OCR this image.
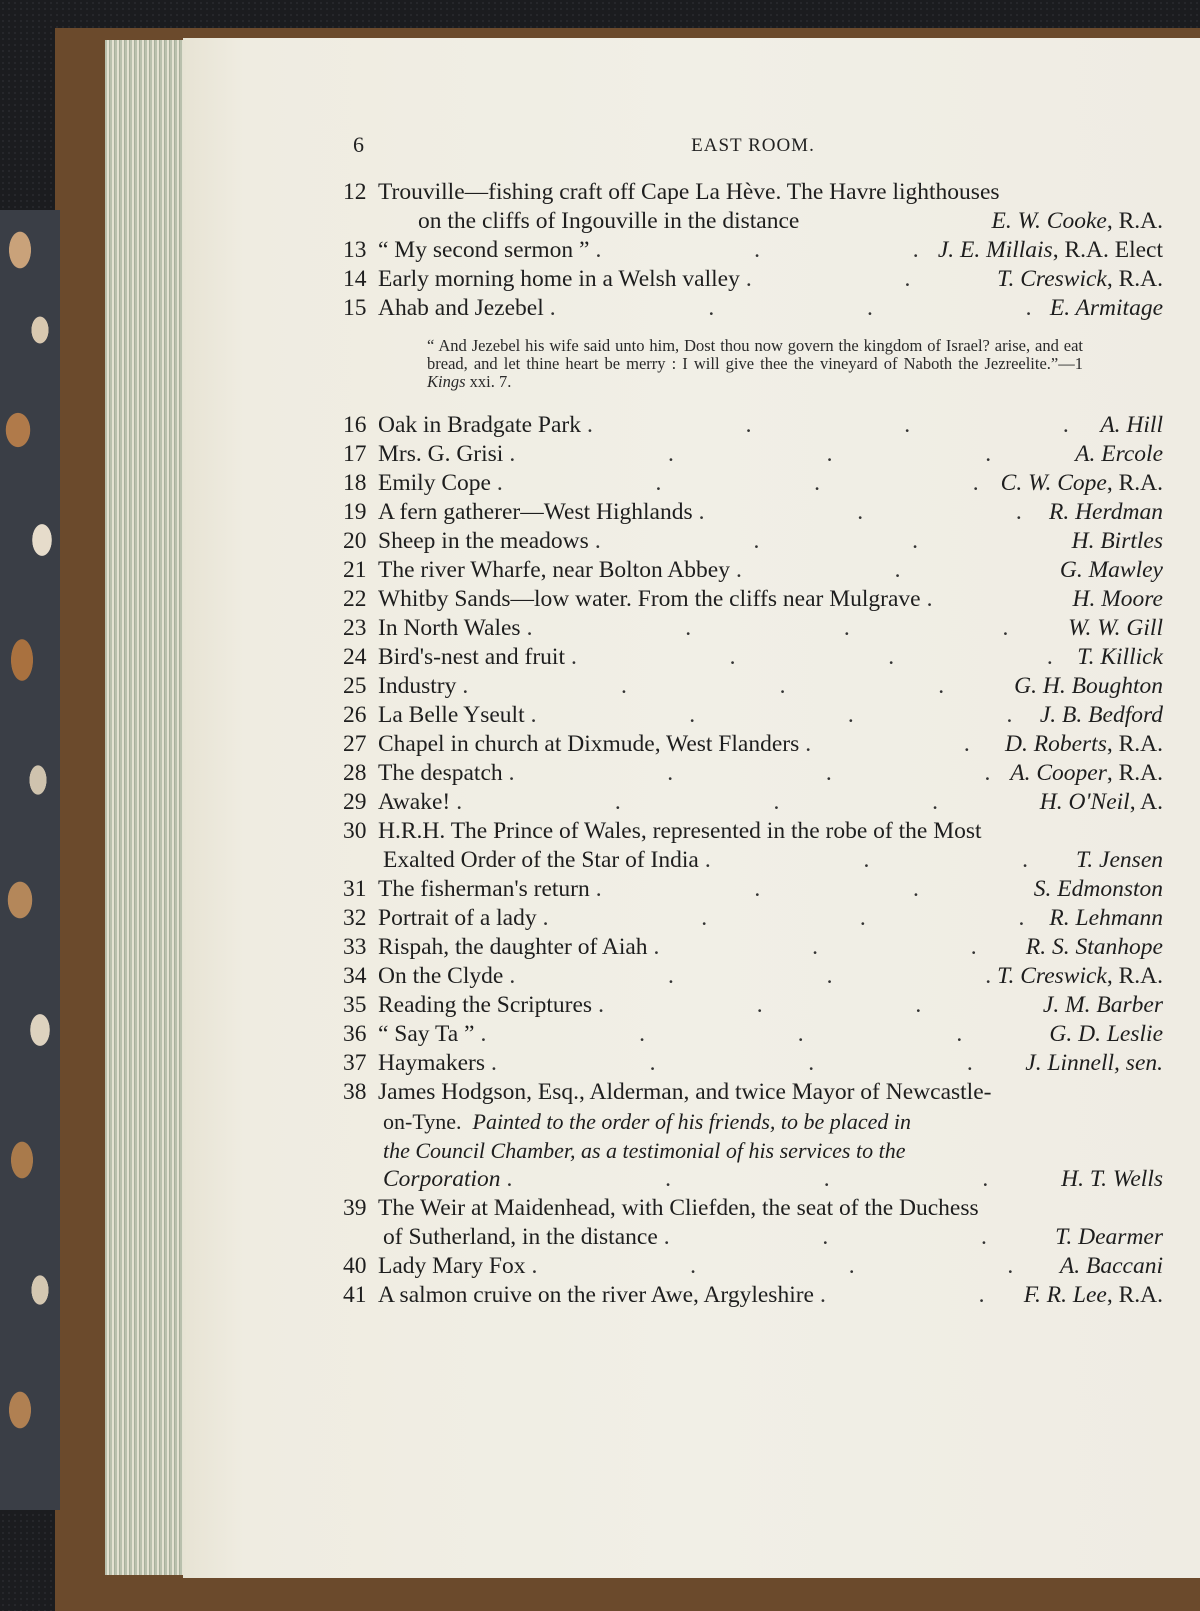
6	EAST ROOM.
12 Trouville—fishing craft off Cape La Hève. The Havre lighthouses
on the cliffs of Ingouville in the distance	E. W. Cooke, R.A.
13 “ My second sermon ” .	J. E. Millais, R.A. Elect
14 Early morning home in a Welsh valley .	T. Creswick, R.A.
15 Ahab and Jezebel .	E. Armitage
“ And Jezebel his wife said unto him, Dost thou now govern the kingdom of Israel? arise, and eat bread, and let thine heart be merry : I will give thee the vineyard of Naboth the Jezreelite.”—1 Kings xxi. 7.
16 Oak in Bradgate Park .	A. Hill
17 Mrs. G. Grisi .	A. Ercole
18 Emily Cope .	C. W. Cope, R.A.
19 A fern gatherer—West Highlands .	R. Herdman
20 Sheep in the meadows .	H. Birtles
21 The river Wharfe, near Bolton Abbey .	G. Mawley
22 Whitby Sands—low water. From the cliffs near Mulgrave .	H. Moore
23 In North Wales .	W. W. Gill
24 Bird's-nest and fruit .	T. Killick
25 Industry .	G. H. Boughton
26 La Belle Yseult .	J. B. Bedford
27 Chapel in church at Dixmude, West Flanders .	D. Roberts, R.A.
28 The despatch .	A. Cooper, R.A.
29 Awake! .	H. O'Neil, A.
30 H.R.H. The Prince of Wales, represented in the robe of the Most
Exalted Order of the Star of India .	T. Jensen
31 The fisherman's return .	S. Edmonston
32 Portrait of a lady .	R. Lehmann
33 Rispah, the daughter of Aiah .	R. S. Stanhope
34 On the Clyde .	T. Creswick, R.A.
35 Reading the Scriptures .	J. M. Barber
36 “ Say Ta ” .	G. D. Leslie
37 Haymakers .	J. Linnell, sen.
38 James Hodgson, Esq., Alderman, and twice Mayor of Newcastle-
on-Tyne. Painted to the order of his friends, to be placed in
the Council Chamber, as a testimonial of his services to the
Corporation .	H. T. Wells
39 The Weir at Maidenhead, with Cliefden, the seat of the Duchess
of Sutherland, in the distance .	T. Dearmer
40 Lady Mary Fox .	A. Baccani
41 A salmon cruive on the river Awe, Argyleshire .	F. R. Lee, R.A.
